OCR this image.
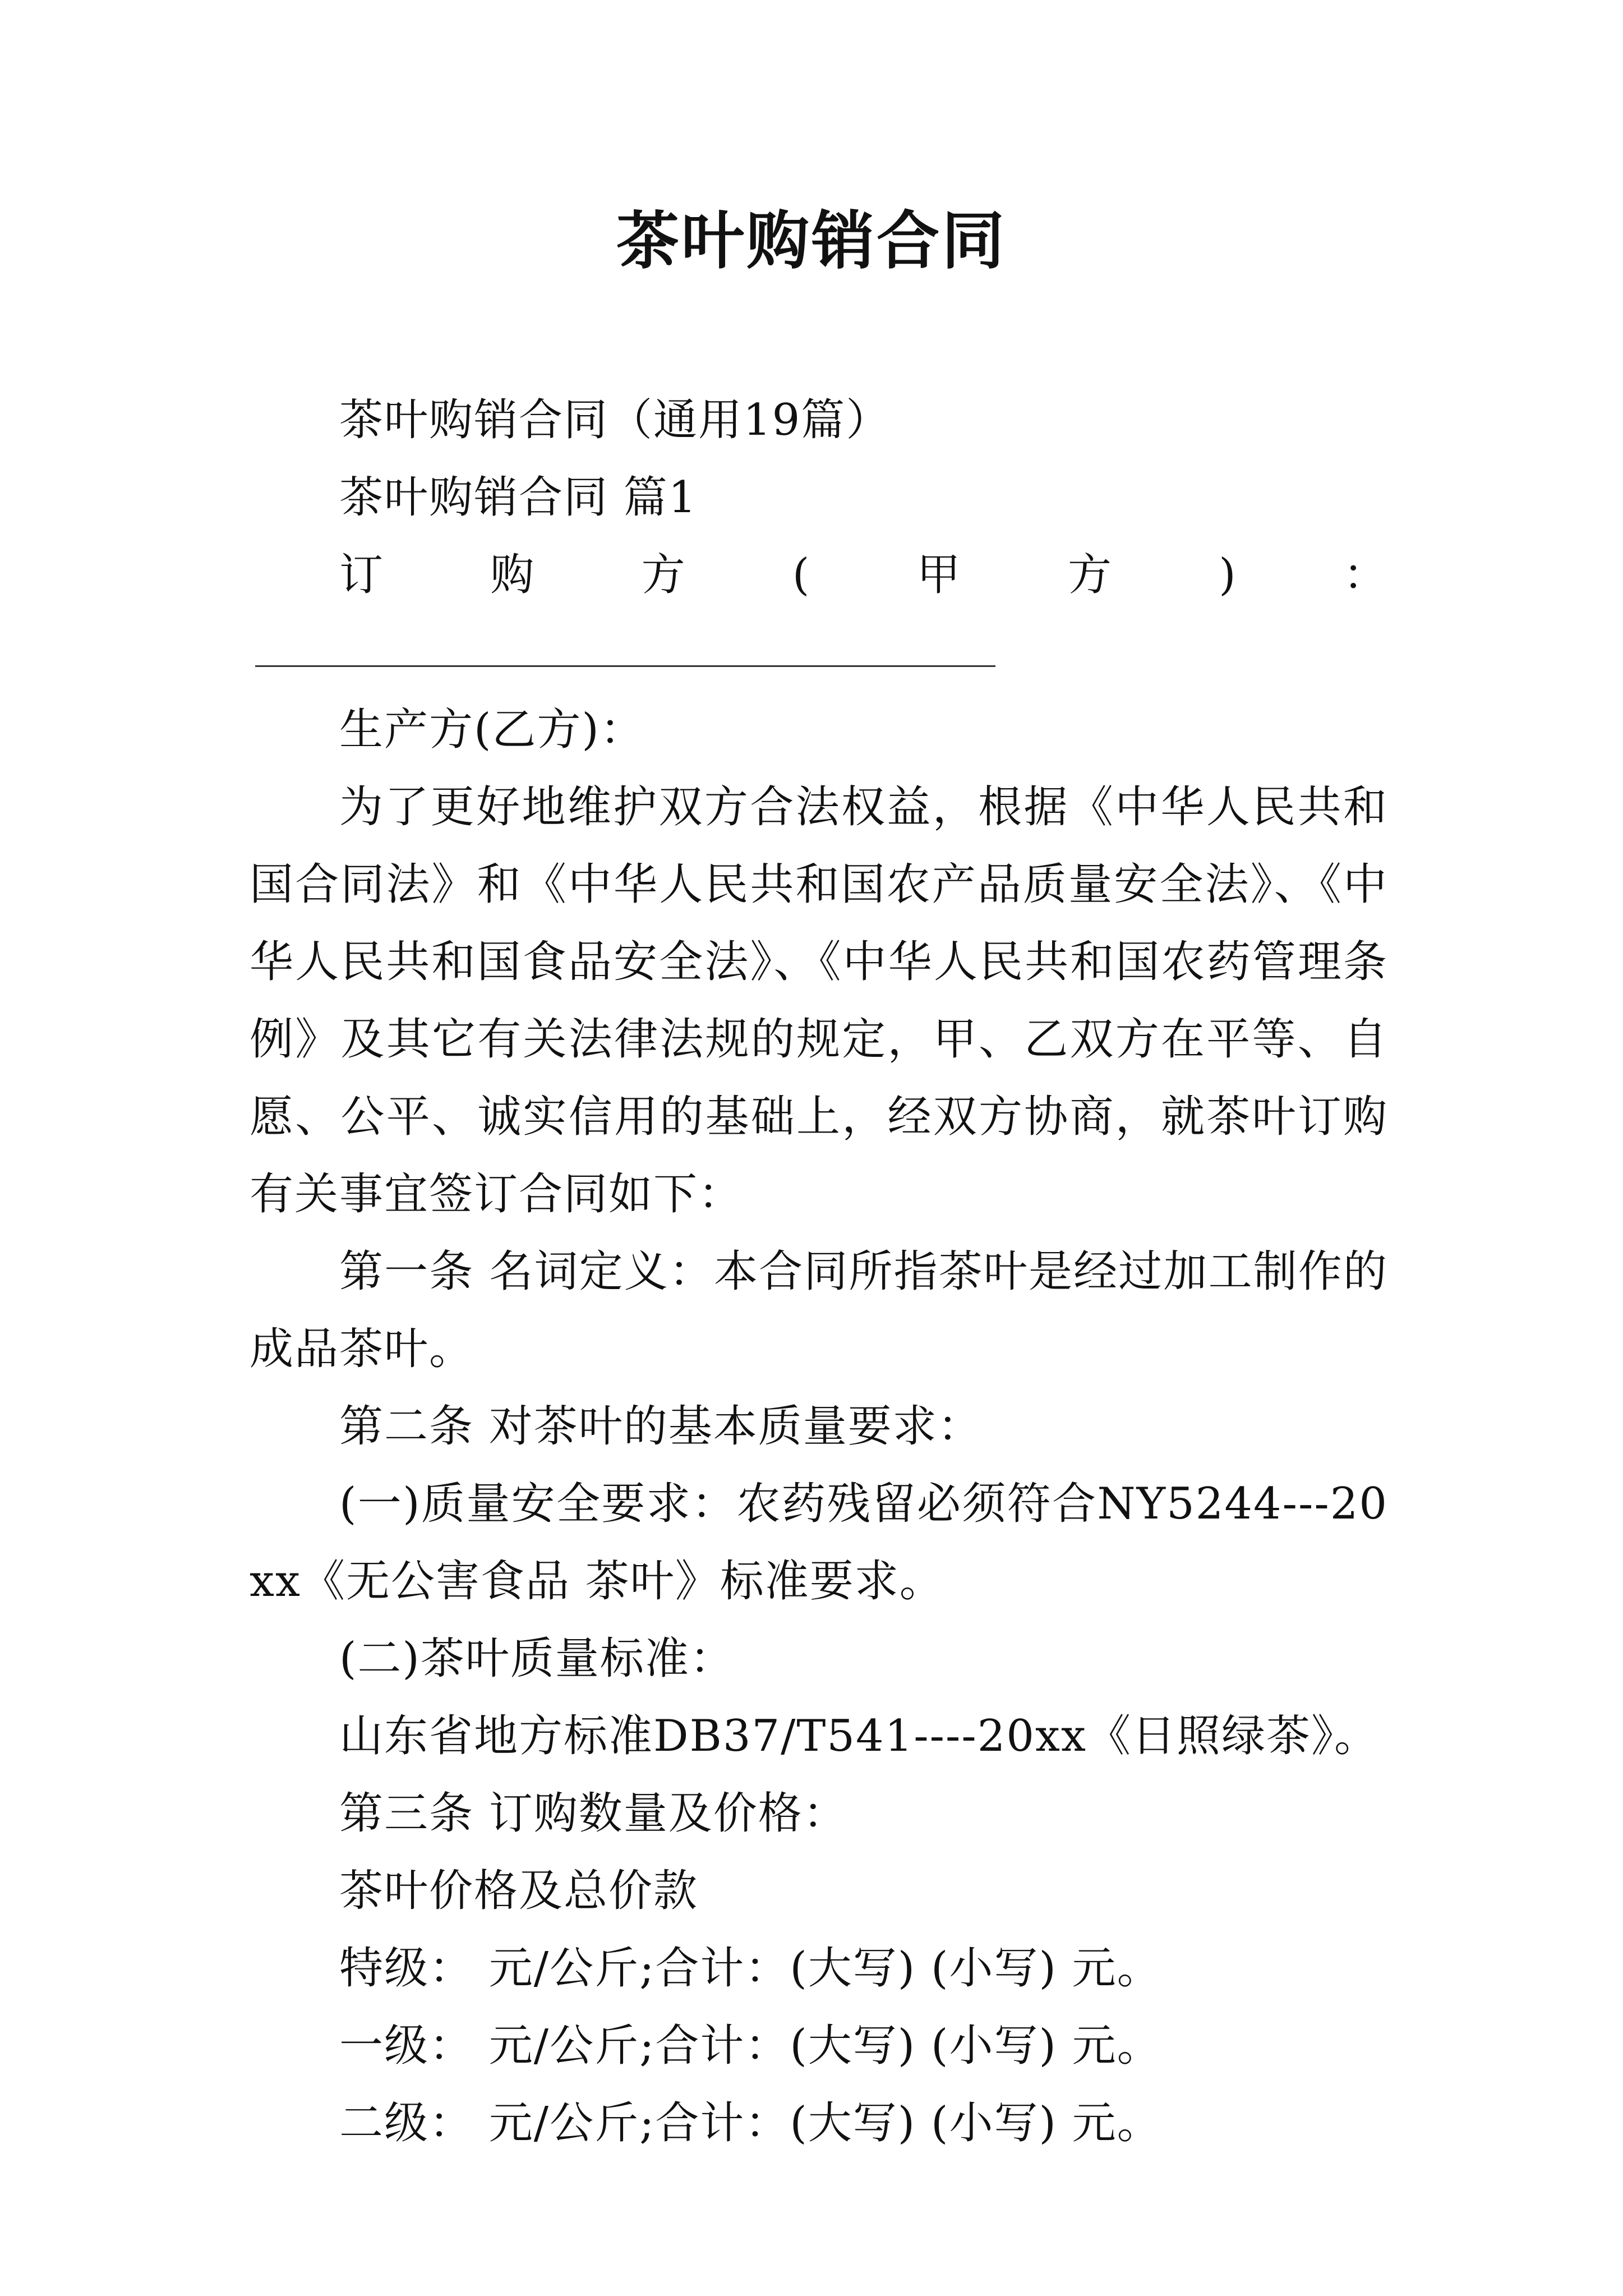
茶叶购销合同

茶叶购销合同（通用19篇）

茶叶购销合同 篇1

订购方(甲方)：

生产方(乙方)：

为了更好地维护双方合法权益，根据《中华人民共和国合同法》和《中华人民共和国农产品质量安全法》、《中华人民共和国食品安全法》、《中华人民共和国农药管理条例》及其它有关法律法规的规定，甲、乙双方在平等、自愿、公平、诚实信用的基础上，经双方协商，就茶叶订购有关事宜签订合同如下：

第一条 名词定义：本合同所指茶叶是经过加工制作的成品茶叶。

第二条 对茶叶的基本质量要求：

(一)质量安全要求：农药残留必须符合NY5244---20xx《无公害食品 茶叶》标准要求。

(二)茶叶质量标准：

山东省地方标准DB37/T541----20xx《日照绿茶》。

第三条 订购数量及价格：

茶叶价格及总价款

特级： 元/公斤;合计：(大写) (小写) 元。

一级： 元/公斤;合计：(大写) (小写) 元。

二级： 元/公斤;合计：(大写) (小写) 元。
